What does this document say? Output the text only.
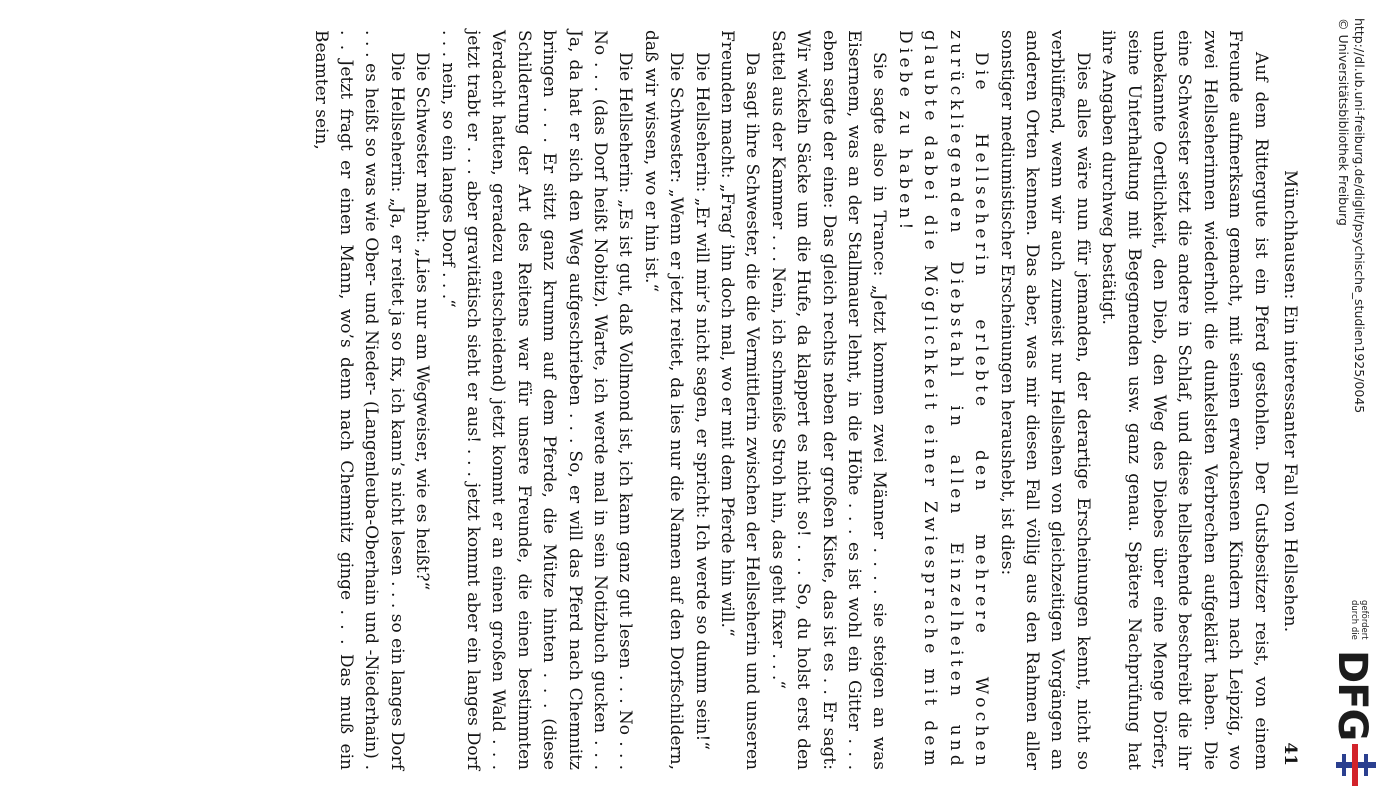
Münchhausen: Ein interessanter Fall von Hellsehen.
41

Auf dem Rittergute ist ein Pferd gestohlen. Der Gutsbesitzer reist, von einem Freunde aufmerksam gemacht, mit seinen erwachsenen Kindern nach Leipzig, wo zwei Hellseherinnen wiederholt die dunkelsten Verbrechen aufgeklärt haben. Die eine Schwester setzt die andere in Schlaf, und diese hellsehende beschreibt die ihr unbekannte Oertlichkeit, den Dieb, den Weg des Diebes über eine Menge Dörfer, seine Unterhaltung mit Begegnenden usw. ganz genau. Spätere Nachprüfung hat ihre Angaben durchweg bestätigt.

Dies alles wäre nun für jemanden, der derartige Erscheinungen kennt, nicht so verblüffend, wenn wir auch zumeist nur Hellsehen von gleichzeitigen Vorgängen an anderen Orten kennen. Das aber, was mir diesen Fall völlig aus den Rahmen aller sonstiger mediumistischer Erscheinungen heraushebt, ist dies:

Die Hellseherin erlebte den mehrere Wochen zurückliegenden Diebstahl in allen Einzelheiten und glaubte dabei die Möglichkeit einer Zwiesprache mit dem Diebe zu haben!

Sie sagte also in Trance: „Jetzt kommen zwei Männer . . . . sie steigen an was Eisernem, was an der Stallmauer lehnt, in die Höhe . . . es ist wohl ein Gitter . . . eben sagte der eine: Das gleich rechts neben der großen Kiste, das ist es . . Er sagt: Wir wickeln Säcke um die Hufe, da klappert es nicht so! . . . So, du holst erst den Sattel aus der Kammer . . . Nein, ich schmeiße Stroh hin, das geht fixer . . .“

Da sagt ihre Schwester, die die Vermittlerin zwischen der Hellseherin und unseren Freunden macht: „Frag’ ihn doch mal, wo er mit dem Pferde hin will.“

Die Hellseherin: „Er will mir’s nicht sagen, er spricht: Ich werde so dumm sein!“

Die Schwester: „Wenn er jetzt reitet, da lies nur die Namen auf den Dorfschildern, daß wir wissen, wo er hin ist.“

Die Hellseherin: „Es ist gut, daß Vollmond ist, ich kann ganz gut lesen . . . No . . . No . . . (das Dorf heißt Nobitz). Warte, ich werde mal in sein Notizbuch gucken . . . Ja, da hat er sich den Weg aufgeschrieben . . . So, er will das Pferd nach Chemnitz bringen . . . Er sitzt ganz krumm auf dem Pferde, die Mütze hinten . . . (diese Schilderung der Art des Reitens war für unsere Freunde, die einen bestimmten Verdacht hatten, geradezu entscheidend) jetzt kommt er an einen großen Wald . . . jetzt trabt er . . . aber gravitätisch sieht er aus! . . . jetzt kommt aber ein langes Dorf . . . nein, so ein langes Dorf . . .“

Die Schwester mahnt: „Lies nur am Wegweiser, wie es heißt?“

Die Hellseherin: „Ja, er reitet ja so fix, ich kann’s nicht lesen . . . so ein langes Dorf . . . es heißt so was wie Ober- und Nieder- (Langenleuba-Oberhain und -Niederhain) . . . Jetzt fragt er einen Mann, wo’s denn nach Chemnitz ginge . . . Das muß ein Beamter sein,	http://dl.ub.uni-freiburg.de/diglit/psychische_studien1925/0045
© Universitätsbibliothek Freiburg
gefördert durch die
DFG
